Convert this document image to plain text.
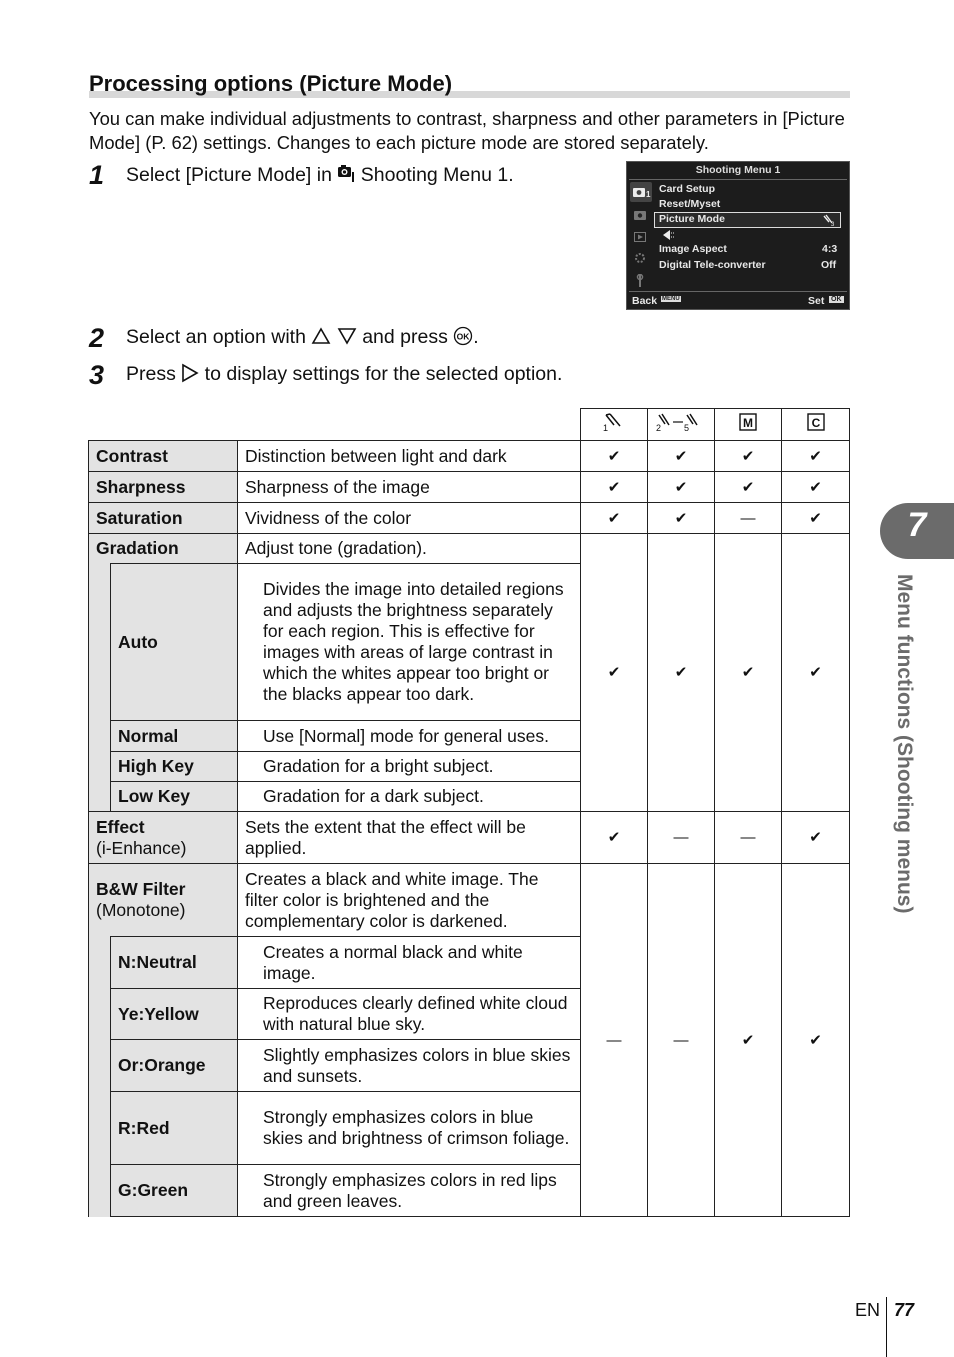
Processing options (Picture Mode)
You can make individual adjustments to contrast, sharpness and other parameters in [Picture Mode] (P. 62) settings. Changes to each picture mode are stored separately.
1 Select [Picture Mode] in  Shooting Menu 1.	Shooting Menu 1
1 Card Setup
Reset/Myset
Picture Mode	3
Image Aspect	4:3
Digital Tele-converter	Off
Back MENU	Set OK
2 Select an option with   and press OK .
3 Press  to display settings for the selected option.

1	2 5	M	C

Contrast		Distinction between light and dark	✔	✔	✔	✔
Sharpness		Sharpness of the image	✔	✔	✔	✔
Saturation		Vividness of the color	✔	✔	—	✔
Gradation		Adjust tone (gradation).	✔	✔	✔	✔
	Auto	Divides the image into detailed regions and adjusts the brightness separately for each region. This is effective for images with areas of large contrast in which the whites appear too bright or the blacks appear too dark.				
	Normal	Use [Normal] mode for general uses.				
	High Key	Gradation for a bright subject.				
	Low Key	Gradation for a dark subject.				

Effect
(i-Enhance)		Sets the extent that the effect will be applied.	✔	—	—	✔

B&W Filter
(Monotone)		Creates a black and white image. The filter color is brightened and the complementary color is darkened.	—	—	✔	✔
	N:Neutral	Creates a normal black and white image.				
	Ye:Yellow	Reproduces clearly defined white cloud with natural blue sky.				
	Or:Orange	Slightly emphasizes colors in blue skies and sunsets.				
	R:Red	Strongly emphasizes colors in blue skies and brightness of crimson foliage.				
	G:Green	Strongly emphasizes colors in red lips and green leaves.				
7
Menu functions (Shooting menus)
EN 77
